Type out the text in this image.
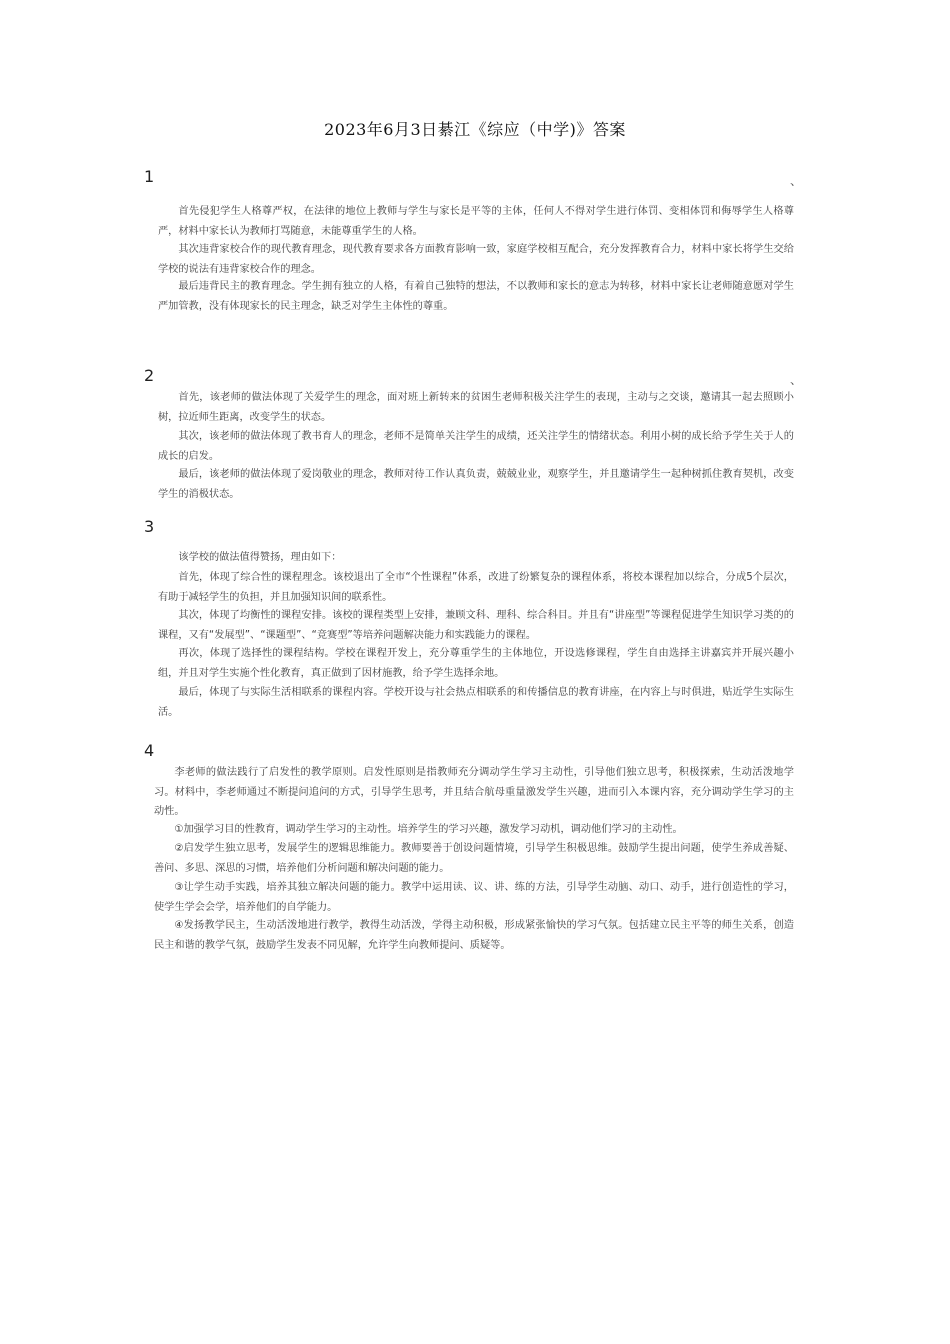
2023年6月3日綦江《综应（中学)》答案
1	、

首先侵犯学生人格尊严权，在法律的地位上教师与学生与家长是平等的主体，任何人不得对学生进行体罚、变相体罚和侮辱学生人格尊严，材料中家长认为教师打骂随意，未能尊重学生的人格。

其次违背家校合作的现代教育理念，现代教育要求各方面教育影响一致，家庭学校相互配合，充分发挥教育合力，材料中家长将学生交给学校的说法有违背家校合作的理念。

最后违背民主的教育理念。学生拥有独立的人格，有着自己独特的想法，不以教师和家长的意志为转移，材料中家长让老师随意愿对学生严加管教，没有体现家长的民主理念，缺乏对学生主体性的尊重。

2	、

首先，该老师的做法体现了关爱学生的理念，面对班上新转来的贫困生老师积极关注学生的表现，主动与之交谈，邀请其一起去照顾小树，拉近师生距离，改变学生的状态。

其次，该老师的做法体现了教书育人的理念，老师不是简单关注学生的成绩，还关注学生的情绪状态。利用小树的成长给予学生关于人的成长的启发。

最后，该老师的做法体现了爱岗敬业的理念，教师对待工作认真负责，兢兢业业，观察学生，并且邀请学生一起种树抓住教育契机，改变学生的消极状态。

3

该学校的做法值得赞扬，理由如下：

首先，体现了综合性的课程理念。该校退出了全市“个性课程”体系，改进了纷繁复杂的课程体系，将校本课程加以综合，分成5个层次，有助于减轻学生的负担，并且加强知识间的联系性。

其次，体现了均衡性的课程安排。该校的课程类型上安排，兼顾文科、理科、综合科目。并且有“讲座型”等课程促进学生知识学习类的的课程，又有“发展型”、“课题型”、“竞赛型”等培养问题解决能力和实践能力的课程。

再次，体现了选择性的课程结构。学校在课程开发上，充分尊重学生的主体地位，开设选修课程，学生自由选择主讲嘉宾并开展兴趣小组，并且对学生实施个性化教育，真正做到了因材施教，给予学生选择余地。

最后，体现了与实际生活相联系的课程内容。学校开设与社会热点相联系的和传播信息的教育讲座，在内容上与时俱进，贴近学生实际生活。

4

李老师的做法践行了启发性的教学原则。启发性原则是指教师充分调动学生学习主动性，引导他们独立思考，积极探索，生动活泼地学习。材料中，李老师通过不断提问追问的方式，引导学生思考，并且结合航母重量激发学生兴趣，进而引入本课内容，充分调动学生学习的主动性。

①加强学习目的性教育，调动学生学习的主动性。培养学生的学习兴趣，激发学习动机，调动他们学习的主动性。

②启发学生独立思考，发展学生的逻辑思维能力。教师要善于创设问题情境，引导学生积极思维。鼓励学生提出问题，使学生养成善疑、善问、多思、深思的习惯，培养他们分析问题和解决问题的能力。

③让学生动手实践，培养其独立解决问题的能力。教学中运用读、议、讲、练的方法，引导学生动脑、动口、动手，进行创造性的学习，使学生学会会学，培养他们的自学能力。

④发扬教学民主，生动活泼地进行教学，教得生动活泼，学得主动积极，形成紧张愉快的学习气氛。包括建立民主平等的师生关系，创造民主和谐的教学气氛，鼓励学生发表不同见解，允许学生向教师提问、质疑等。
